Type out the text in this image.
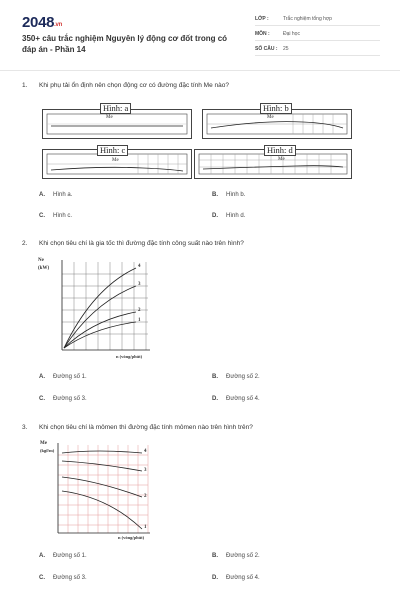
2048.vn
350+ câu trắc nghiệm Nguyên lý động cơ đốt trong có đáp án - Phần 14
LỚP :	Trắc nghiệm tổng hợp
MÔN :	Đại học
SỐ CÂU : 25
1. Khi phụ tải ổn định nên chọn động cơ có đường đặc tính Me nào?
Hình: a
Me
Hình: b
Me
Hình: c
Me
Hình: d
Me
A. Hình a.	B. Hình b.
C. Hình c.	D. Hình d.
2. Khi chọn tiêu chí là gia tốc thì đường đặc tính công suất nào trên hình?
Ne
(kW)	4
3
2
1
n (vòng/phút)
A. Đường số 1.	B. Đường số 2.
C. Đường số 3.	D. Đường số 4.
3. Khi chọn tiêu chí là mômen thì đường đặc tính mômen nào trên hình trên?
Me
(kgf/m)	4
3
2
1
n (vòng/phút)
A. Đường số 1.	B. Đường số 2.
C. Đường số 3.	D. Đường số 4.
